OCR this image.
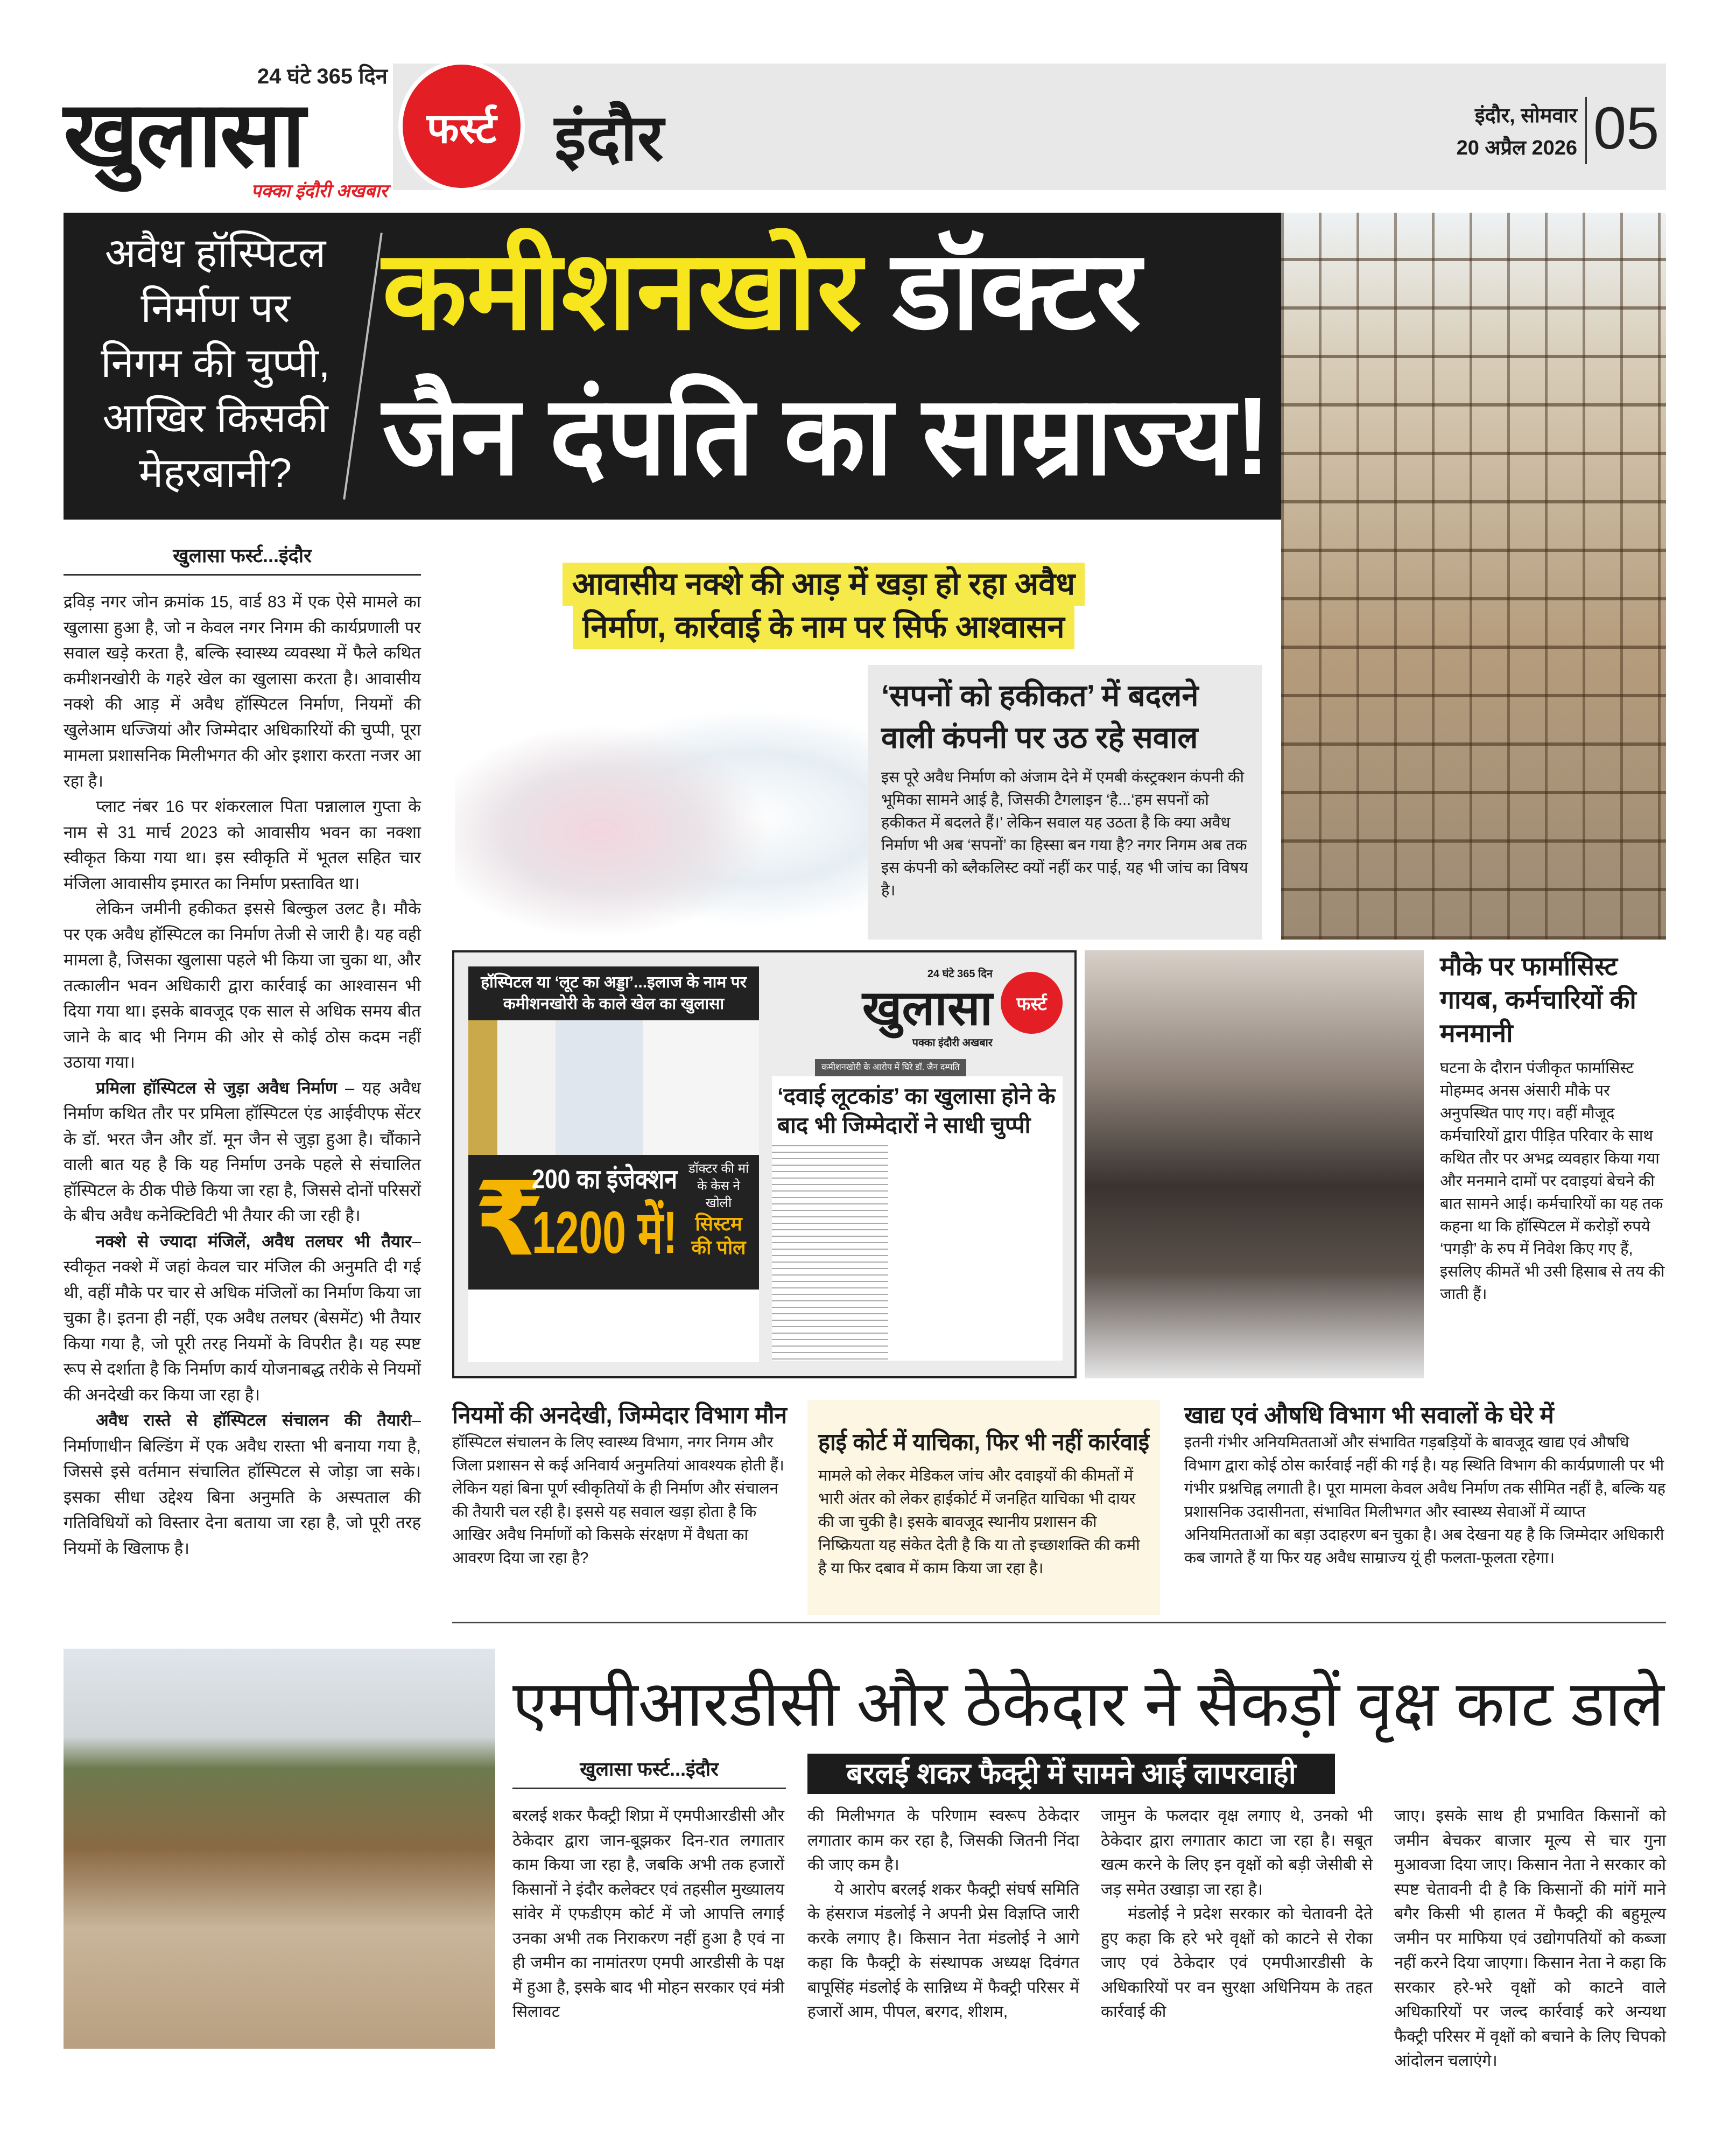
24 घंटे 365 दिन
खुलासा
पक्का इंदौरी अखबार
फर्स्ट इंदौर	इंदौर, सोमवार
20 अप्रैल 2026 05
अवैध हॉस्पिटल
निर्माण पर
निगम की चुप्पी,
आखिर किसकी
मेहरबानी?
कमीशनखोर डॉक्टर
जैन दंपति का साम्राज्य!
खुलासा फर्स्ट...इंदौर

द्रविड़ नगर जोन क्रमांक 15, वार्ड 83 में एक ऐसे मामले का खुलासा हुआ है, जो न केवल नगर निगम की कार्यप्रणाली पर सवाल खड़े करता है, बल्कि स्वास्थ्य व्यवस्था में फैले कथित कमीशनखोरी के गहरे खेल का खुलासा करता है। आवासीय नक्शे की आड़ में अवैध हॉस्पिटल निर्माण, नियमों की खुलेआम धज्जियां और जिम्मेदार अधिकारियों की चुप्पी, पूरा मामला प्रशासनिक मिलीभगत की ओर इशारा करता नजर आ रहा है।

प्लाट नंबर 16 पर शंकरलाल पिता पन्नालाल गुप्ता के नाम से 31 मार्च 2023 को आवासीय भवन का नक्शा स्वीकृत किया गया था। इस स्वीकृति में भूतल सहित चार मंजिला आवासीय इमारत का निर्माण प्रस्तावित था।

लेकिन जमीनी हकीकत इससे बिल्कुल उलट है। मौके पर एक अवैध हॉस्पिटल का निर्माण तेजी से जारी है। यह वही मामला है, जिसका खुलासा पहले भी किया जा चुका था, और तत्कालीन भवन अधिकारी द्वारा कार्रवाई का आश्वासन भी दिया गया था। इसके बावजूद एक साल से अधिक समय बीत जाने के बाद भी निगम की ओर से कोई ठोस कदम नहीं उठाया गया।

प्रमिला हॉस्पिटल से जुड़ा अवैध निर्माण – यह अवैध निर्माण कथित तौर पर प्रमिला हॉस्पिटल एंड आईवीएफ सेंटर के डॉ. भरत जैन और डॉ. मून जैन से जुड़ा हुआ है। चौंकाने वाली बात यह है कि यह निर्माण उनके पहले से संचालित हॉस्पिटल के ठीक पीछे किया जा रहा है, जिससे दोनों परिसरों के बीच अवैध कनेक्टिविटी भी तैयार की जा रही है।

नक्शे से ज्यादा मंजिलें, अवैध तलघर भी तैयार– स्वीकृत नक्शे में जहां केवल चार मंजिल की अनुमति दी गई थी, वहीं मौके पर चार से अधिक मंजिलों का निर्माण किया जा चुका है। इतना ही नहीं, एक अवैध तलघर (बेसमेंट) भी तैयार किया गया है, जो पूरी तरह नियमों के विपरीत है। यह स्पष्ट रूप से दर्शाता है कि निर्माण कार्य योजनाबद्ध तरीके से नियमों की अनदेखी कर किया जा रहा है।

अवैध रास्ते से हॉस्पिटल संचालन की तैयारी– निर्माणाधीन बिल्डिंग में एक अवैध रास्ता भी बनाया गया है, जिससे इसे वर्तमान संचालित हॉस्पिटल से जोड़ा जा सके। इसका सीधा उद्देश्य बिना अनुमति के अस्पताल की गतिविधियों को विस्तार देना बताया जा रहा है, जो पूरी तरह नियमों के खिलाफ है।

आवासीय नक्शे की आड़ में खड़ा हो रहा अवैध
निर्माण, कार्रवाई के नाम पर सिर्फ आश्वासन
‘सपनों को हकीकत’ में बदलने वाली कंपनी पर उठ रहे सवाल
इस पूरे अवैध निर्माण को अंजाम देने में एमबी कंस्ट्रक्शन कंपनी की भूमिका सामने आई है, जिसकी टैगलाइन ‘है...‘हम सपनों को हकीकत में बदलते हैं।’ लेकिन सवाल यह उठता है कि क्या अवैध निर्माण भी अब ‘सपनों’ का हिस्सा बन गया है? नगर निगम अब तक इस कंपनी को ब्लैकलिस्ट क्यों नहीं कर पाई, यह भी जांच का विषय है।
हॉस्पिटल या ‘लूट का अड्डा’...इलाज के नाम पर कमीशनखोरी के काले खेल का खुलासा
₹
200 का इंजेक्शन
1200 में!
डॉक्टर की मां के केस ने खोली
सिस्टम की पोल
24 घंटे 365 दिन
खुलासा
पक्का इंदौरी अखबार
फर्स्ट
कमीशनखोरी के आरोप में घिरे डॉ. जैन दम्पति
‘दवाई लूटकांड’ का खुलासा होने के बाद भी जिम्मेदारों ने साधी चुप्पी
मौके पर फार्मासिस्ट गायब, कर्मचारियों की मनमानी
घटना के दौरान पंजीकृत फार्मासिस्ट मोहम्मद अनस अंसारी मौके पर अनुपस्थित पाए गए। वहीं मौजूद कर्मचारियों द्वारा पीड़ित परिवार के साथ कथित तौर पर अभद्र व्यवहार किया गया और मनमाने दामों पर दवाइयां बेचने की बात सामने आई। कर्मचारियों का यह तक कहना था कि हॉस्पिटल में करोड़ों रुपये ‘पगड़ी’ के रुप में निवेश किए गए हैं, इसलिए कीमतें भी उसी हिसाब से तय की जाती हैं।
नियमों की अनदेखी, जिम्मेदार विभाग मौन
हॉस्पिटल संचालन के लिए स्वास्थ्य विभाग, नगर निगम और जिला प्रशासन से कई अनिवार्य अनुमतियां आवश्यक होती हैं। लेकिन यहां बिना पूर्ण स्वीकृतियों के ही निर्माण और संचालन की तैयारी चल रही है। इससे यह सवाल खड़ा होता है कि आखिर अवैध निर्माणों को किसके संरक्षण में वैधता का आवरण दिया जा रहा है?
हाई कोर्ट में याचिका, फिर भी नहीं कार्रवाई
मामले को लेकर मेडिकल जांच और दवाइयों की कीमतों में भारी अंतर को लेकर हाईकोर्ट में जनहित याचिका भी दायर की जा चुकी है। इसके बावजूद स्थानीय प्रशासन की निष्क्रियता यह संकेत देती है कि या तो इच्छाशक्ति की कमी है या फिर दबाव में काम किया जा रहा है।
खाद्य एवं औषधि विभाग भी सवालों के घेरे में
इतनी गंभीर अनियमितताओं और संभावित गड़बड़ियों के बावजूद खाद्य एवं औषधि विभाग द्वारा कोई ठोस कार्रवाई नहीं की गई है। यह स्थिति विभाग की कार्यप्रणाली पर भी गंभीर प्रश्नचिह्न लगाती है। पूरा मामला केवल अवैध निर्माण तक सीमित नहीं है, बल्कि यह प्रशासनिक उदासीनता, संभावित मिलीभगत और स्वास्थ्य सेवाओं में व्याप्त अनियमितताओं का बड़ा उदाहरण बन चुका है। अब देखना यह है कि जिम्मेदार अधिकारी कब जागते हैं या फिर यह अवैध साम्राज्य यूं ही फलता-फूलता रहेगा।
एमपीआरडीसी और ठेकेदार ने सैकड़ों वृक्ष काट डाले
खुलासा फर्स्ट...इंदौर	बरलई शकर फैक्ट्री में सामने आई लापरवाही

बरलई शकर फैक्ट्री शिप्रा में एमपीआरडीसी और ठेकेदार द्वारा जान-बूझकर दिन-रात लगातार काम किया जा रहा है, जबकि अभी तक हजारों किसानों ने इंदौर कलेक्टर एवं तहसील मुख्यालय सांवेर में एफडीएम कोर्ट में जो आपत्ति लगाई उनका अभी तक निराकरण नहीं हुआ है एवं ना ही जमीन का नामांतरण एमपी आरडीसी के पक्ष में हुआ है, इसके बाद भी मोहन सरकार एवं मंत्री सिलावट

की मिलीभगत के परिणाम स्वरूप ठेकेदार लगातार काम कर रहा है, जिसकी जितनी निंदा की जाए कम है।

ये आरोप बरलई शकर फैक्ट्री संघर्ष समिति के हंसराज मंडलोई ने अपनी प्रेस विज्ञप्ति जारी करके लगाए है। किसान नेता मंडलोई ने आगे कहा कि फैक्ट्री के संस्थापक अध्यक्ष दिवंगत बापूसिंह मंडलोई के सान्निध्य में फैक्ट्री परिसर में हजारों आम, पीपल, बरगद, शीशम,

जामुन के फलदार वृक्ष लगाए थे, उनको भी ठेकेदार द्वारा लगातार काटा जा रहा है। सबूत खत्म करने के लिए इन वृक्षों को बड़ी जेसीबी से जड़ समेत उखाड़ा जा रहा है।

मंडलोई ने प्रदेश सरकार को चेतावनी देते हुए कहा कि हरे भरे वृक्षों को काटने से रोका जाए एवं ठेकेदार एवं एमपीआरडीसी के अधिकारियों पर वन सुरक्षा अधिनियम के तहत कार्रवाई की

जाए। इसके साथ ही प्रभावित किसानों को जमीन बेचकर बाजार मूल्य से चार गुना मुआवजा दिया जाए। किसान नेता ने सरकार को स्पष्ट चेतावनी दी है कि किसानों की मांगें माने बगैर किसी भी हालत में फैक्ट्री की बहुमूल्य जमीन पर माफिया एवं उद्योगपतियों को कब्जा नहीं करने दिया जाएगा। किसान नेता ने कहा कि सरकार हरे-भरे वृक्षों को काटने वाले अधिकारियों पर जल्द कार्रवाई करे अन्यथा फैक्ट्री परिसर में वृक्षों को बचाने के लिए चिपको आंदोलन चलाएंगे।
